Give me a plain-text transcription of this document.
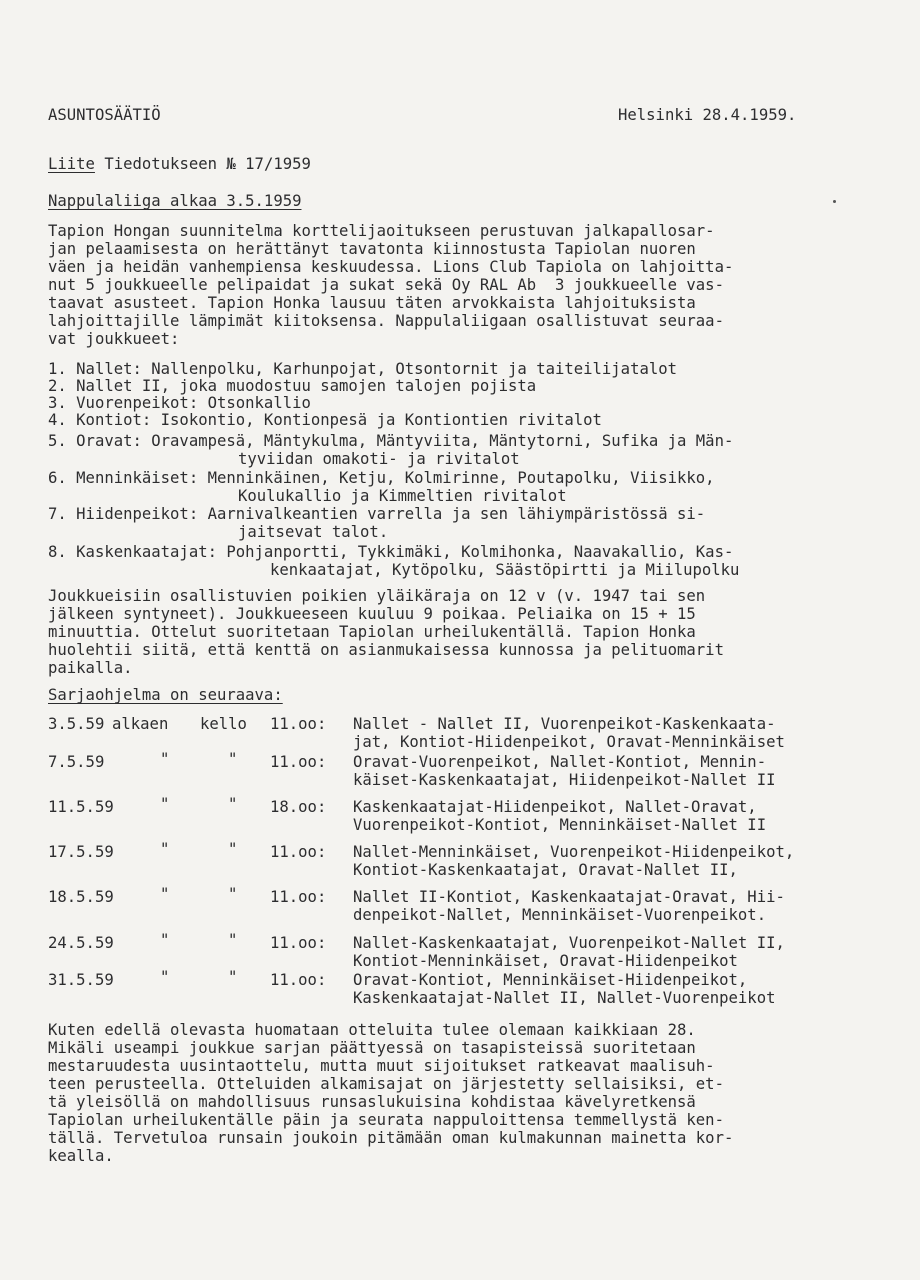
ASUNTOSÄÄTIÖ	Helsinki 28.4.1959.

Liite Tiedotukseen № 17/1959

Nappulaliiga alkaa 3.5.1959

Tapion Hongan suunnitelma korttelijaoitukseen perustuvan jalkapallosar-

jan pelaamisesta on herättänyt tavatonta kiinnostusta Tapiolan nuoren

väen ja heidän vanhempiensa keskuudessa. Lions Club Tapiola on lahjoitta-

nut 5 joukkueelle pelipaidat ja sukat sekä Oy RAL Ab  3 joukkueelle vas-

taavat asusteet. Tapion Honka lausuu täten arvokkaista lahjoituksista

lahjoittajille lämpimät kiitoksensa. Nappulaliigaan osallistuvat seuraa-

vat joukkueet:

1. Nallet: Nallenpolku, Karhunpojat, Otsontornit ja taiteilijatalot

2. Nallet II, joka muodostuu samojen talojen pojista

3. Vuorenpeikot: Otsonkallio

4. Kontiot: Isokontio, Kontionpesä ja Kontiontien rivitalot

5. Oravat: Oravampesä, Mäntykulma, Mäntyviita, Mäntytorni, Sufika ja Män-

tyviidan omakoti- ja rivitalot

6. Menninkäiset: Menninkäinen, Ketju, Kolmirinne, Poutapolku, Viisikko,

Koulukallio ja Kimmeltien rivitalot

7. Hiidenpeikot: Aarnivalkeantien varrella ja sen lähiympäristössä si-

jaitsevat talot.

8. Kaskenkaatajat: Pohjanportti, Tykkimäki, Kolmihonka, Naavakallio, Kas-

kenkaatajat, Kytöpolku, Säästöpirtti ja Miilupolku

Joukkueisiin osallistuvien poikien yläikäraja on 12 v (v. 1947 tai sen

jälkeen syntyneet). Joukkueeseen kuuluu 9 poikaa. Peliaika on 15 + 15

minuuttia. Ottelut suoritetaan Tapiolan urheilukentällä. Tapion Honka

huolehtii siitä, että kenttä on asianmukaisessa kunnossa ja pelituomarit

paikalla.

Sarjaohjelma on seuraava:

3.5.59 alkaen kello 11.oo: Nallet - Nallet II, Vuorenpeikot-Kaskenkaata-

jat, Kontiot-Hiidenpeikot, Oravat-Menninkäiset

7.5.59	"	" 11.oo: Oravat-Vuorenpeikot, Nallet-Kontiot, Mennin-

käiset-Kaskenkaatajat, Hiidenpeikot-Nallet II

11.5.59	"	" 18.oo: Kaskenkaatajat-Hiidenpeikot, Nallet-Oravat,

Vuorenpeikot-Kontiot, Menninkäiset-Nallet II

17.5.59	"	" 11.oo: Nallet-Menninkäiset, Vuorenpeikot-Hiidenpeikot,

Kontiot-Kaskenkaatajat, Oravat-Nallet II,

18.5.59	"	" 11.oo: Nallet II-Kontiot, Kaskenkaatajat-Oravat, Hii-

denpeikot-Nallet, Menninkäiset-Vuorenpeikot.

24.5.59	"	" 11.oo: Nallet-Kaskenkaatajat, Vuorenpeikot-Nallet II,

Kontiot-Menninkäiset, Oravat-Hiidenpeikot

31.5.59	"	" 11.oo: Oravat-Kontiot, Menninkäiset-Hiidenpeikot,

Kaskenkaatajat-Nallet II, Nallet-Vuorenpeikot

Kuten edellä olevasta huomataan otteluita tulee olemaan kaikkiaan 28.

Mikäli useampi joukkue sarjan päättyessä on tasapisteissä suoritetaan

mestaruudesta uusintaottelu, mutta muut sijoitukset ratkeavat maalisuh-

teen perusteella. Otteluiden alkamisajat on järjestetty sellaisiksi, et-

tä yleisöllä on mahdollisuus runsaslukuisina kohdistaa kävelyretkensä

Tapiolan urheilukentälle päin ja seurata nappuloittensa temmellystä ken-

tällä. Tervetuloa runsain joukoin pitämään oman kulmakunnan mainetta kor-

kealla.
